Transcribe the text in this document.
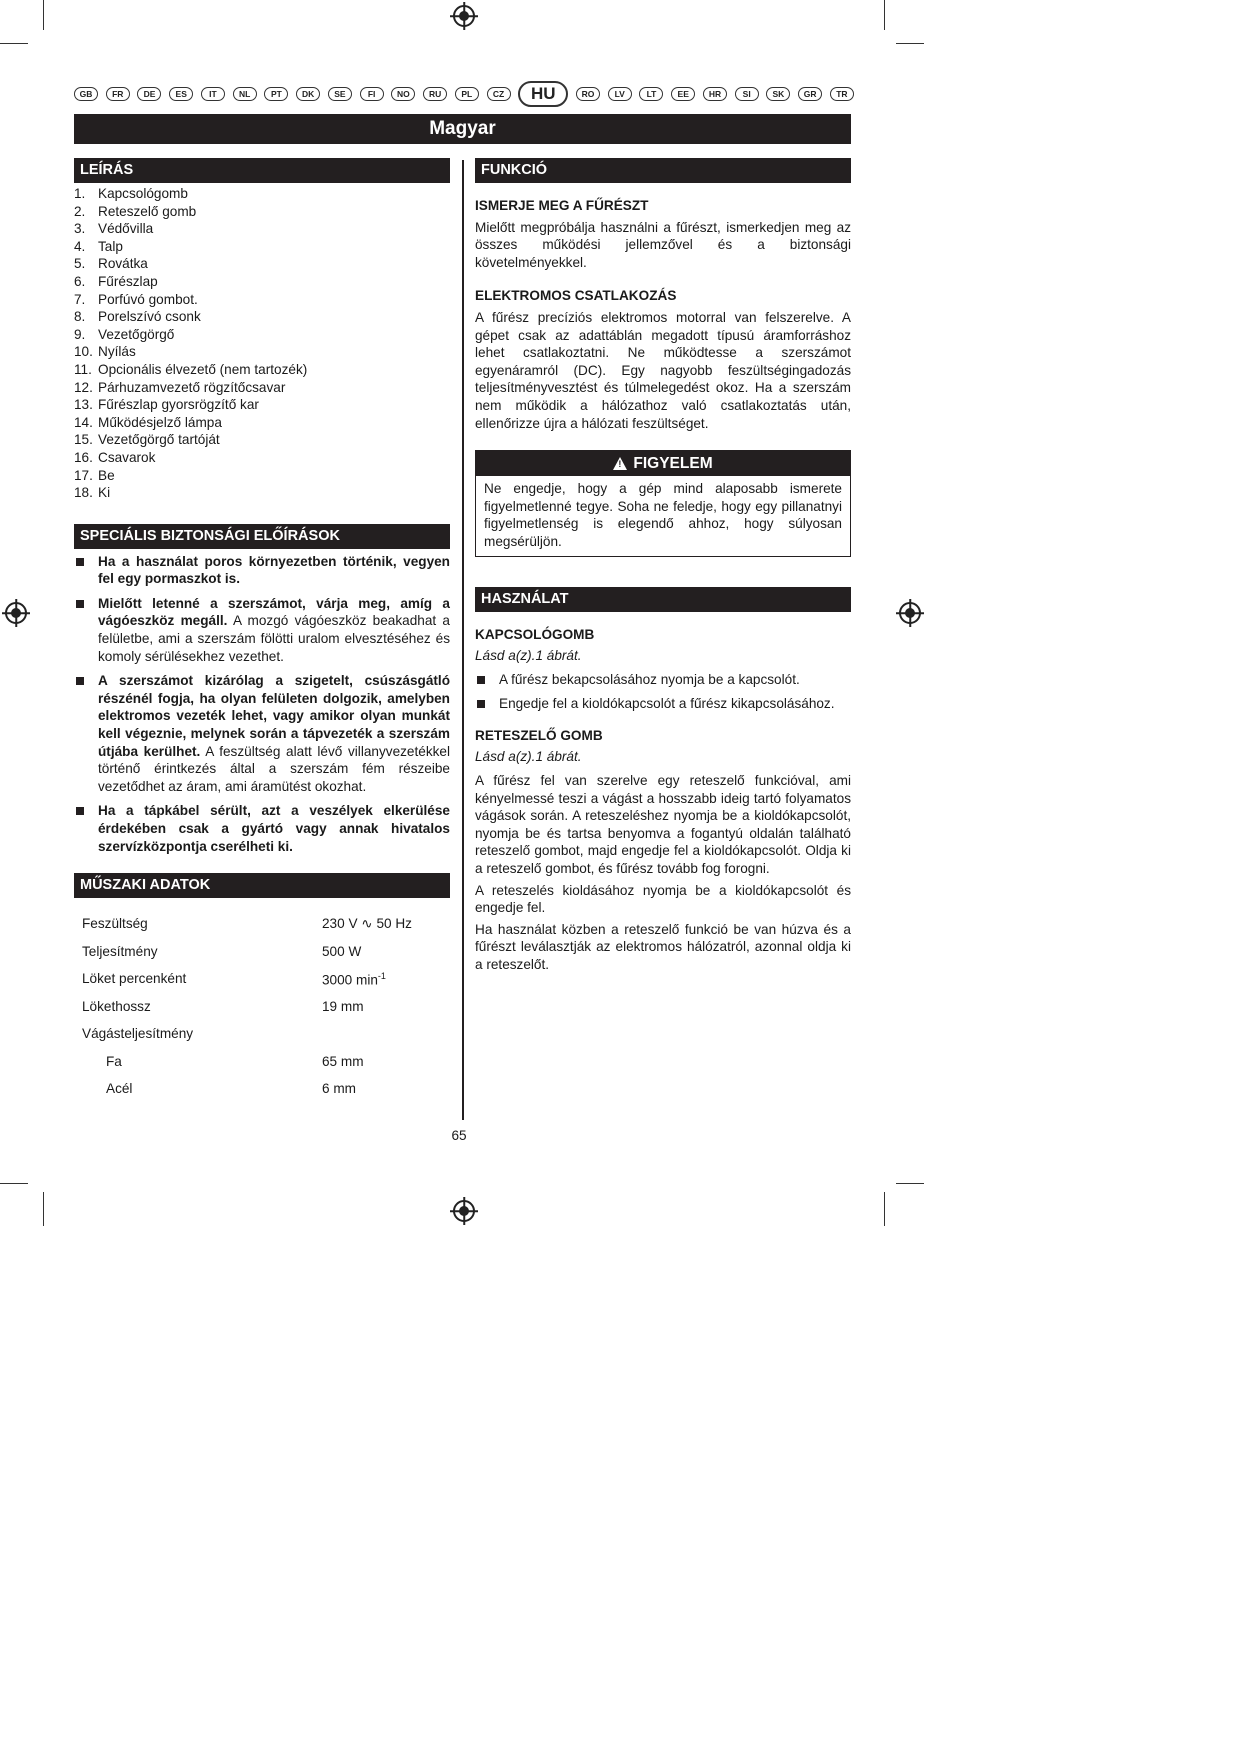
GB	FR	DE	ES	IT	NL	PT	DK	SE	FI	NO	RU	PL	CZ	HU	RO	LV	LT	EE	HR	SI	SK	GR	TR
Magyar
LEÍRÁS
1. Kapcsológomb
2. Reteszelő gomb
3. Védővilla
4. Talp
5. Rovátka
6. Fűrészlap
7. Porfúvó gombot.
8. Porelszívó csonk
9. Vezetőgörgő
10. Nyílás
11. Opcionális élvezető (nem tartozék)
12. Párhuzamvezető rögzítőcsavar
13. Fűrészlap gyorsrögzítő kar
14. Működésjelző lámpa
15. Vezetőgörgő tartóját
16. Csavarok
17. Be
18. Ki
SPECIÁLIS BIZTONSÁGI ELŐÍRÁSOK
Ha a használat poros környezetben történik, vegyen fel egy pormaszkot is.
Mielőtt letenné a szerszámot, várja meg, amíg a vágóeszköz megáll. A mozgó vágóeszköz beakadhat a felületbe, ami a szerszám fölötti uralom elvesztéséhez és komoly sérülésekhez vezethet.
A szerszámot kizárólag a szigetelt, csúszásgátló részénél fogja, ha olyan felületen dolgozik, amelyben elektromos vezeték lehet, vagy amikor olyan munkát kell végeznie, melynek során a tápvezeték a szerszám útjába kerülhet. A feszültség alatt lévő villanyvezetékkel történő érintkezés által a szerszám fém részeibe vezetődhet az áram, ami áramütést okozhat.
Ha a tápkábel sérült, azt a veszélyek elkerülése érdekében csak a gyártó vagy annak hivatalos szervízközpontja cserélheti ki.
MŰSZAKI ADATOK
Feszültség	230 V ∿ 50 Hz
Teljesítmény	500 W
Löket percenként	3000 $\min^{-1}$
Lökethossz	19 mm
Vágásteljesítmény	
Fa	65 mm
Acél	6 mm
FUNKCIÓ
ISMERJE MEG A FŰRÉSZT

Mielőtt megpróbálja használni a fűrészt, ismerkedjen meg az összes működési jellemzővel és a biztonsági követelményekkel.

ELEKTROMOS CSATLAKOZÁS

A fűrész precíziós elektromos motorral van felszerelve. A gépet csak az adattáblán megadott típusú áramforráshoz lehet csatlakoztatni. Ne működtesse a szerszámot egyenáramról (DC). Egy nagyobb feszültségingadozás teljesítményvesztést és túlmelegedést okoz. Ha a szerszám nem működik a hálózathoz való csatlakoztatás után, ellenőrizze újra a hálózati feszültséget.

! FIGYELEM

Ne engedje, hogy a gép mind alaposabb ismerete figyelmetlenné tegye. Soha ne feledje, hogy egy pillanatnyi figyelmetlenség is elegendő ahhoz, hogy súlyosan megsérüljön.

HASZNÁLAT
KAPCSOLÓGOMB

Lásd a(z).1 ábrát.

A fűrész bekapcsolásához nyomja be a kapcsolót.
Engedje fel a kioldókapcsolót a fűrész kikapcsolásához.
RETESZELŐ GOMB

Lásd a(z).1 ábrát.

A fűrész fel van szerelve egy reteszelő funkcióval, ami kényelmessé teszi a vágást a hosszabb ideig tartó folyamatos vágások során. A reteszeléshez nyomja be a kioldókapcsolót, nyomja be és tartsa benyomva a fogantyú oldalán található reteszelő gombot, majd engedje fel a kioldókapcsolót. Oldja ki a reteszelő gombot, és fűrész tovább fog forogni.

A reteszelés kioldásához nyomja be a kioldókapcsolót és engedje fel.

Ha használat közben a reteszelő funkció be van húzva és a fűrészt leválasztják az elektromos hálózatról, azonnal oldja ki a reteszelőt.

65
